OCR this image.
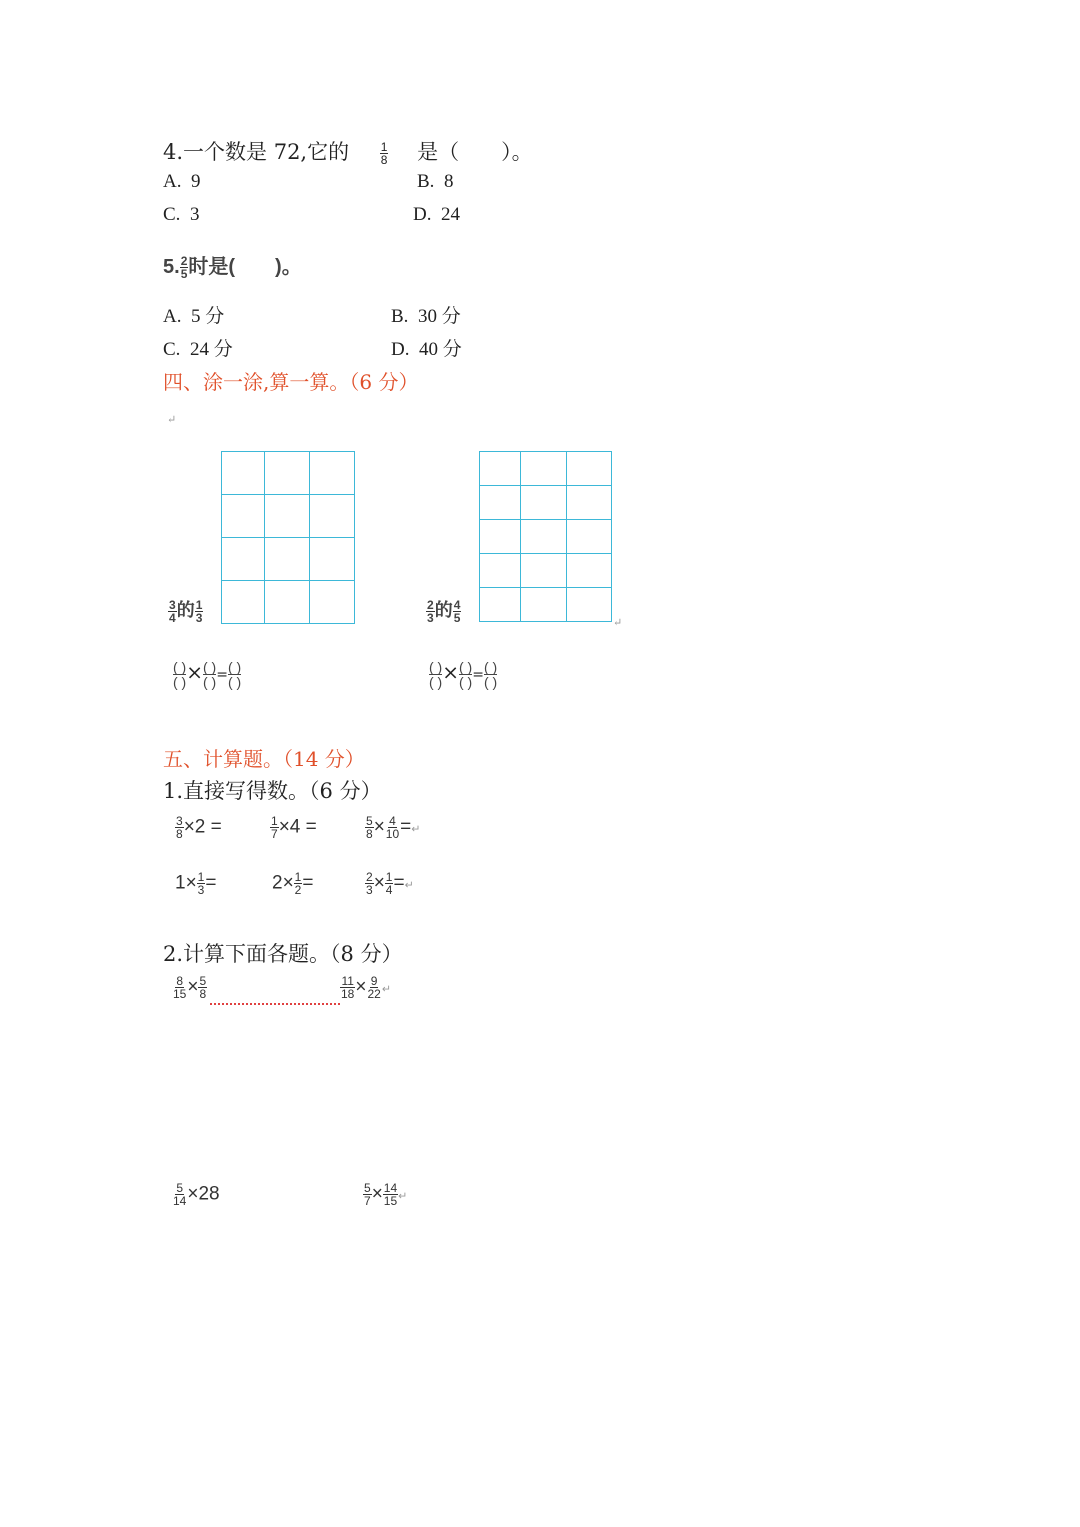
4.一个数是 72,它的	$\frac{1}{8}$ 是（　　）。
A. 9	B. 8
C. 3	D. 24
5. $\frac{2}{5}$ 时是(　　)。
A. 5 分	B. 30 分
C. 24 分	D. 40 分
四、涂一涂,算一算。（6 分）
↵

↵
$\frac{3}{4}$ 的 $\frac{1}{3}$	$\frac{2}{3}$ 的 $\frac{4}{5}$
$\frac{( )}{( )} \times \frac{( )}{( )} = \frac{( )}{( )}$	$\frac{( )}{( )} \times \frac{( )}{( )} = \frac{( )}{( )}$
五、计算题。（14 分）
1.直接写得数。（6 分）
$\frac{3}{8} \times 2$ =	$\frac{1}{7} \times 4$ =	$\frac{5}{8} \times \frac{4}{10}$ =↵
$1\times \frac{1}{3}$ =	$2\times \frac{1}{2}$ =	$\frac{2}{3} \times \frac{1}{4}$ =↵
2.计算下面各题。（8 分）
$\frac{8}{15} \times \frac{5}{8}$	$\frac{11}{18} \times \frac{9}{22}$ ↵
$\frac{5}{14} \times 28$	$\frac{5}{7} \times \frac{14}{15}$ ↵
